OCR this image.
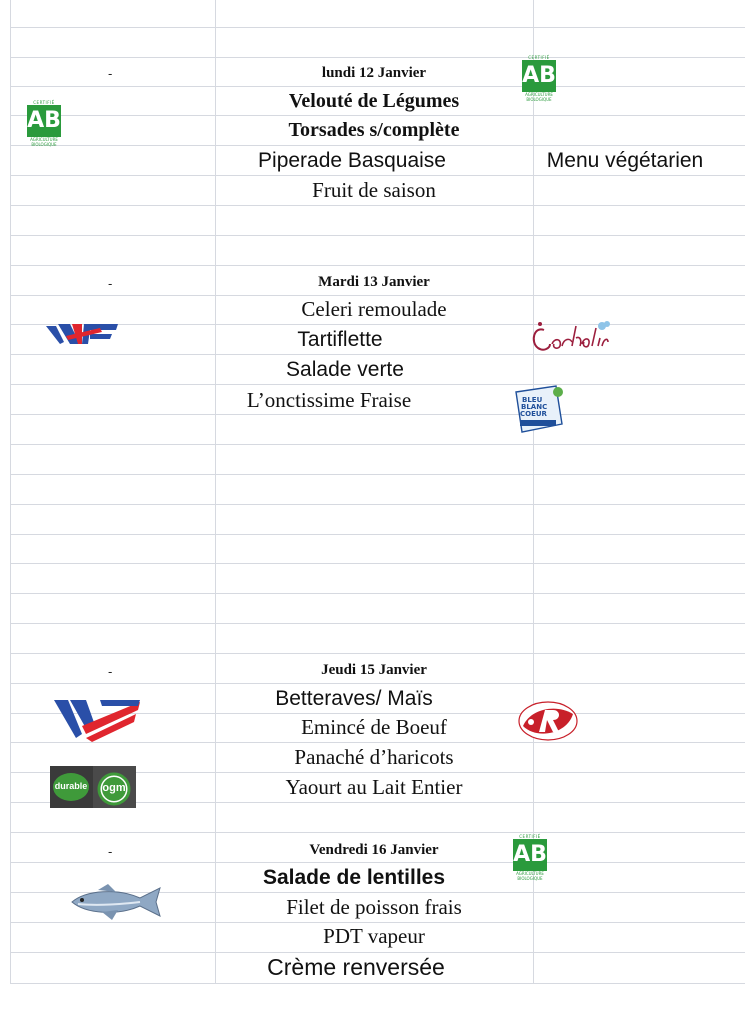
-	lundi 12 Janvier
Velouté de Légumes
Torsades s/complète
Piperade Basquaise
Fruit de saison
Menu végétarien
CERTIFIÉ
AB
AGRICULTURE
BIOLOGIQUE
CERTIFIÉ
AB
AGRICULTURE
BIOLOGIQUE
-	Mardi 13 Janvier
Celeri remoulade
Tartiflette
Salade verte
L’onctissime Fraise	BLEU
BLANC
COEUR
-	Jeudi 15 Janvier
Betteraves/ Maïs
Emincé de Boeuf
Panaché d’haricots
Yaourt au Lait Entier
durable ogm
-	Vendredi 16 Janvier
Salade de lentilles
Filet de poisson frais
PDT vapeur
Crème renversée
CERTIFIÉ
AB
AGRICULTURE
BIOLOGIQUE
